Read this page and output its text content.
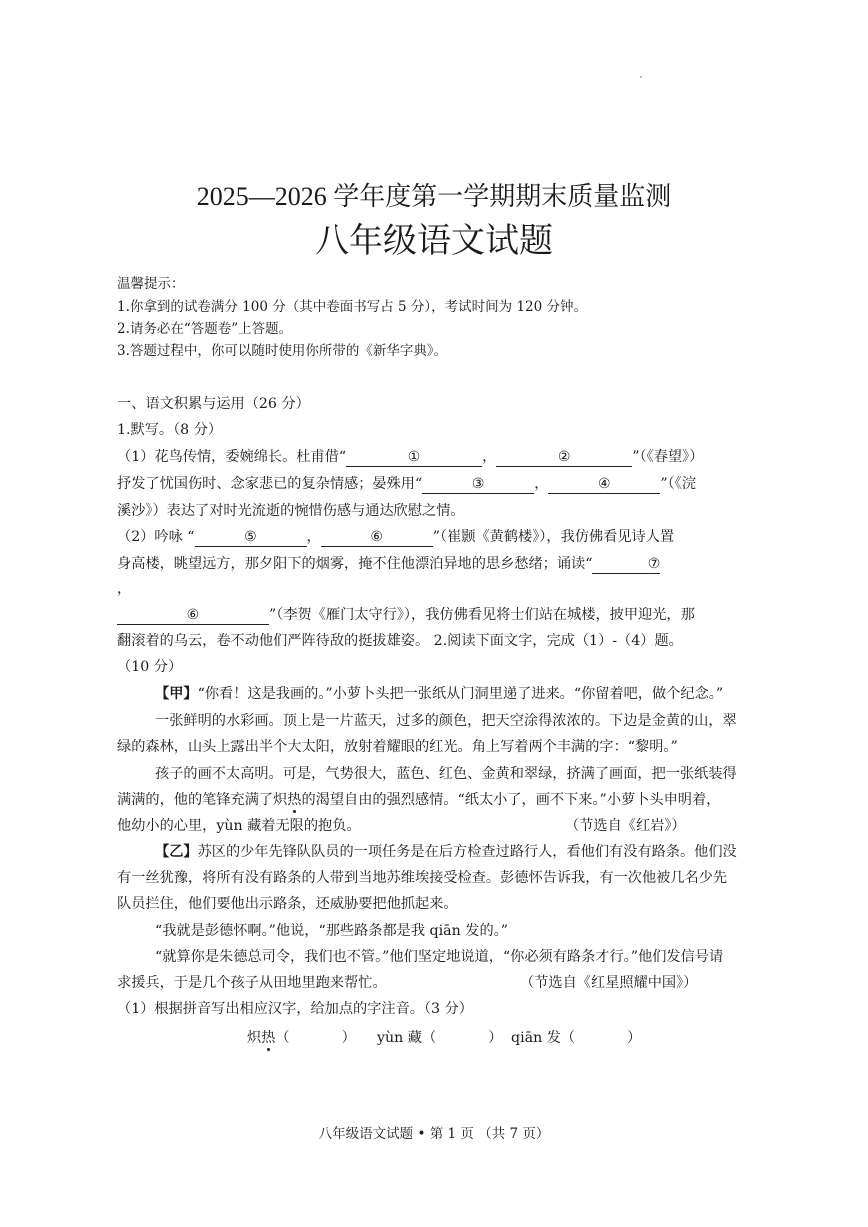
2025—2026 学年度第一学期期末质量监测
八年级语文试题
温馨提示：
1.你拿到的试卷满分 100 分（其中卷面书写占 5 分），考试时间为 120 分钟。
2.请务必在“答题卷”上答题。
3.答题过程中，你可以随时使用你所带的《新华字典》。
一、语文积累与运用（26 分）
1.默写。（8 分）
（1）花鸟传情，委婉绵长。杜甫借“	①	，	②	”（《春望》）
抒发了忧国伤时、念家悲已的复杂情感；晏殊用“	③	，	④	”（《浣
溪沙》）表达了对时光流逝的惋惜伤感与通达欣慰之情。
（2）吟咏 “	⑤	，	⑥	”（崔颢《黄鹤楼》），我仿佛看见诗人置
身高楼，眺望远方，那夕阳下的烟雾，掩不住他漂泊异地的思乡愁绪；诵读“	⑦
，
⑥	”（李贺《雁门太守行》），我仿佛看见将士们站在城楼，披甲迎光，那
翻滚着的乌云，卷不动他们严阵待敌的挺拔雄姿。 2.阅读下面文字，完成（1）-（4）题。
（10 分）
【甲】“你看！这是我画的。”小萝卜头把一张纸从门洞里递了进来。“你留着吧，做个纪念。”
一张鲜明的水彩画。顶上是一片蓝天，过多的颜色，把天空涂得浓浓的。下边是金黄的山，翠
绿的森林，山头上露出半个大太阳，放射着耀眼的红光。角上写着两个丰满的字：“黎明。”
孩子的画不太高明。可是，气势很大，蓝色、红色、金黄和翠绿，挤满了画面，把一张纸装得
满满的，他的笔锋充满了炽热的渴望自由的强烈感情。“纸太小了，画不下来。”小萝卜头申明着，
他幼小的心里，yùn 藏着无限的抱负。	（节选自《红岩》）
【乙】苏区的少年先锋队队员的一项任务是在后方检查过路行人，看他们有没有路条。他们没
有一丝犹豫，将所有没有路条的人带到当地苏维埃接受检查。彭德怀告诉我，有一次他被几名少先
队员拦住，他们要他出示路条，还威胁要把他抓起来。
“我就是彭德怀啊。”他说，“那些路条都是我 qiān 发的。”
“就算你是朱德总司令，我们也不管。”他们坚定地说道，“你必须有路条才行。”他们发信号请
求援兵，于是几个孩子从田地里跑来帮忙。	（节选自《红星照耀中国》）
（1）根据拼音写出相应汉字，给加点的字注音。（3 分）
炽热（	） yùn 藏（	） qiān 发（	）
八年级语文试题 • 第 1 页 （共 7 页）
